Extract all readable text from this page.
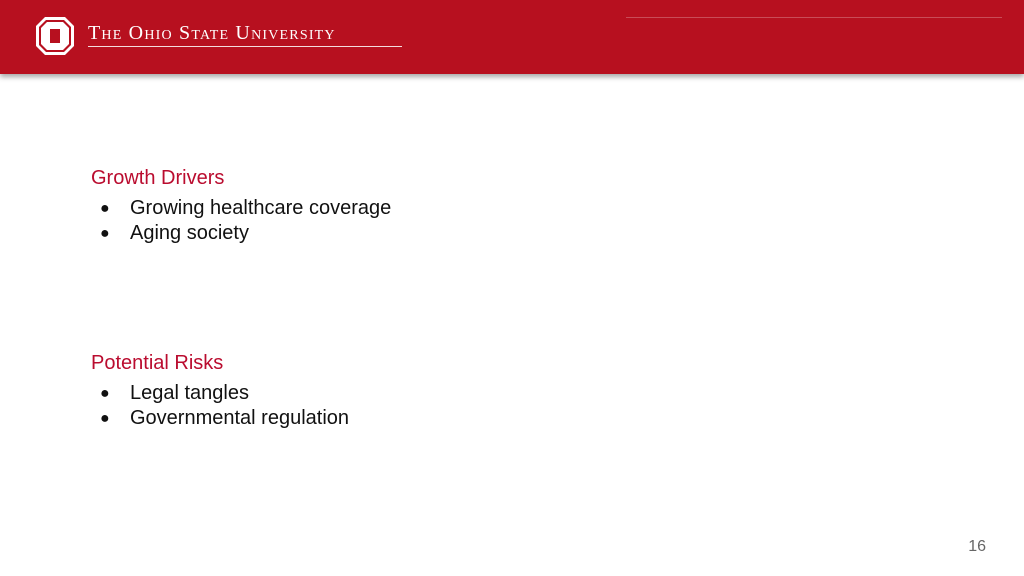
The Ohio State University
Growth Drivers
● Growing healthcare coverage
● Aging society
Potential Risks
● Legal tangles
● Governmental regulation
16
